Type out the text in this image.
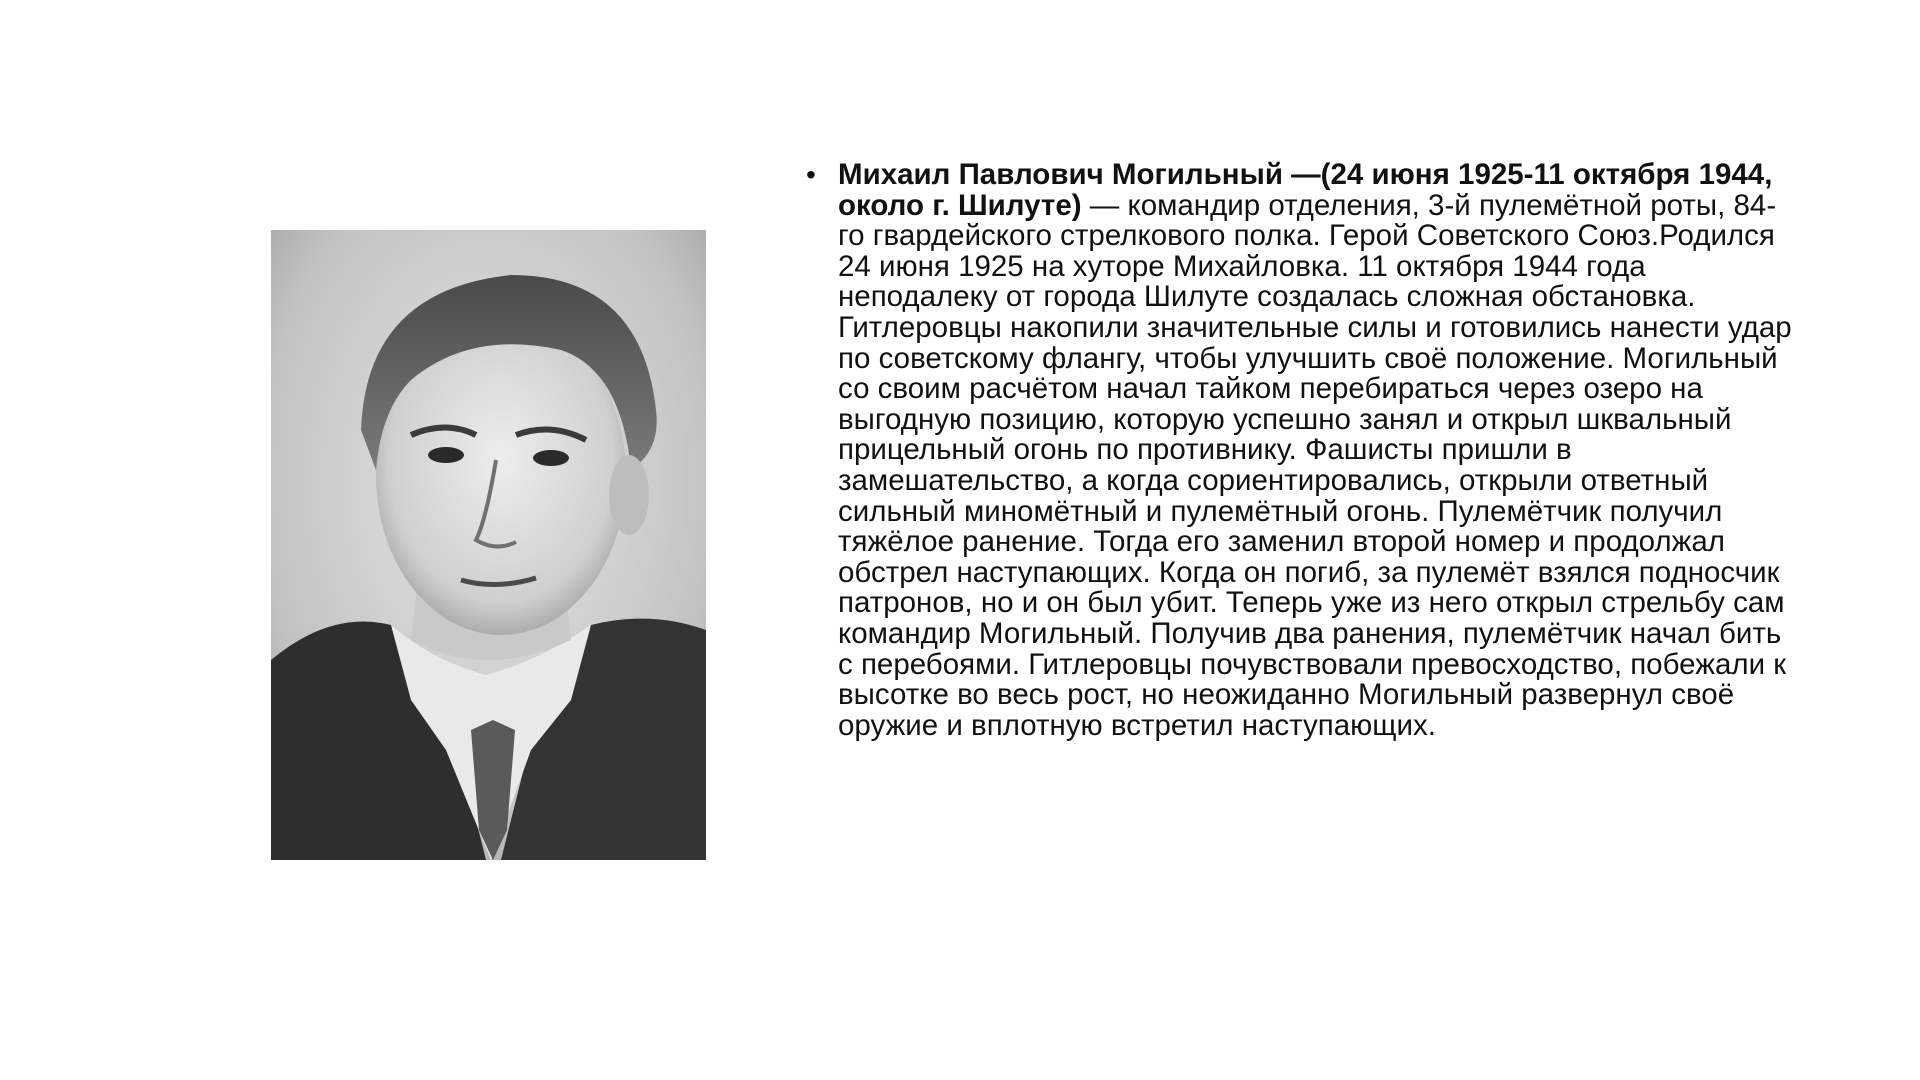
• Михаил Павлович Могильный —(24 июня 1925-11 октября 1944, около г. Шилуте) — командир отделения, 3-й пулемётной роты, 84-го гвардейского стрелкового полка. Герой Советского Союз.Родился 24 июня 1925 на хуторе Михайловка. 11 октября 1944 года неподалеку от города Шилуте создалась сложная обстановка. Гитлеровцы накопили значительные силы и готовились нанести удар по советскому флангу, чтобы улучшить своё положение. Могильный со своим расчётом начал тайком перебираться через озеро на выгодную позицию, которую успешно занял и открыл шквальный прицельный огонь по противнику. Фашисты пришли в замешательство, а когда сориентировались, открыли ответный сильный миномётный и пулемётный огонь. Пулемётчик получил тяжёлое ранение. Тогда его заменил второй номер и продолжал обстрел наступающих. Когда он погиб, за пулемёт взялся подносчик патронов, но и он был убит. Теперь уже из него открыл стрельбу сам командир Могильный. Получив два ранения, пулемётчик начал бить с перебоями. Гитлеровцы почувствовали превосходство, побежали к высотке во весь рост, но неожиданно Могильный развернул своё оружие и вплотную встретил наступающих.
